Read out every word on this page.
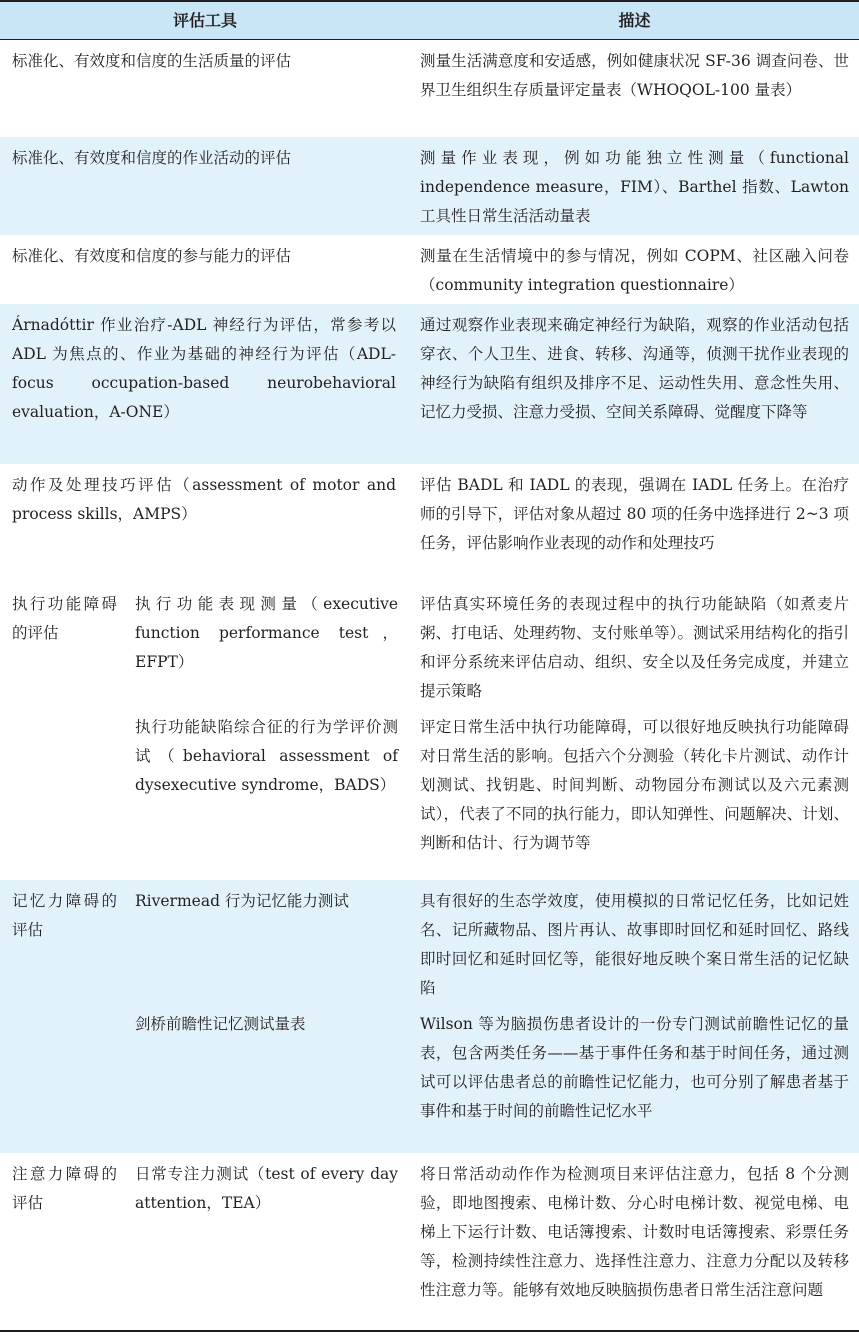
评估工具		描述
标准化、有效度和信度的生活质量的评估		测量生活满意度和安适感，例如健康状况 SF-36 调查问卷、世界卫生组织生存质量评定量表（WHOQOL-100 量表）
标准化、有效度和信度的作业活动的评估		测量作业表现，例如功能独立性测量（functional independence measure，FIM）、Barthel 指数、Lawton 工具性日常生活活动量表
标准化、有效度和信度的参与能力的评估		测量在生活情境中的参与情况，例如 COPM、社区融入问卷（community integration questionnaire）
Árnadóttir 作业治疗-ADL 神经行为评估，常参考以 ADL 为焦点的、作业为基础的神经行为评估（ADL-focus occupation-based neurobehavioral evaluation，A-ONE）		通过观察作业表现来确定神经行为缺陷，观察的作业活动包括穿衣、个人卫生、进食、转移、沟通等，侦测干扰作业表现的神经行为缺陷有组织及排序不足、运动性失用、意念性失用、记忆力受损、注意力受损、空间关系障碍、觉醒度下降等
动作及处理技巧评估（assessment of motor and process skills，AMPS）		评估 BADL 和 IADL 的表现，强调在 IADL 任务上。在治疗师的引导下，评估对象从超过 80 项的任务中选择进行 2~3 项任务，评估影响作业表现的动作和处理技巧
执行功能障碍的评估	执行功能表现测量（executive function performance test，EFPT）	评估真实环境任务的表现过程中的执行功能缺陷（如煮麦片粥、打电话、处理药物、支付账单等）。测试采用结构化的指引和评分系统来评估启动、组织、安全以及任务完成度，并建立提示策略
	执行功能缺陷综合征的行为学评价测试（behavioral assessment of dysexecutive syndrome，BADS）	评定日常生活中执行功能障碍，可以很好地反映执行功能障碍对日常生活的影响。包括六个分测验（转化卡片测试、动作计划测试、找钥匙、时间判断、动物园分布测试以及六元素测试），代表了不同的执行能力，即认知弹性、问题解决、计划、判断和估计、行为调节等
记忆力障碍的评估	Rivermead 行为记忆能力测试	具有很好的生态学效度，使用模拟的日常记忆任务，比如记姓名、记所藏物品、图片再认、故事即时回忆和延时回忆、路线即时回忆和延时回忆等，能很好地反映个案日常生活的记忆缺陷
	剑桥前瞻性记忆测试量表	Wilson 等为脑损伤患者设计的一份专门测试前瞻性记忆的量表，包含两类任务——基于事件任务和基于时间任务，通过测试可以评估患者总的前瞻性记忆能力，也可分别了解患者基于事件和基于时间的前瞻性记忆水平
注意力障碍的评估	日常专注力测试（test of every day attention，TEA）	将日常活动动作作为检测项目来评估注意力，包括 8 个分测验，即地图搜索、电梯计数、分心时电梯计数、视觉电梯、电梯上下运行计数、电话簿搜索、计数时电话簿搜索、彩票任务等，检测持续性注意力、选择性注意力、注意力分配以及转移性注意力等。能够有效地反映脑损伤患者日常生活注意问题
